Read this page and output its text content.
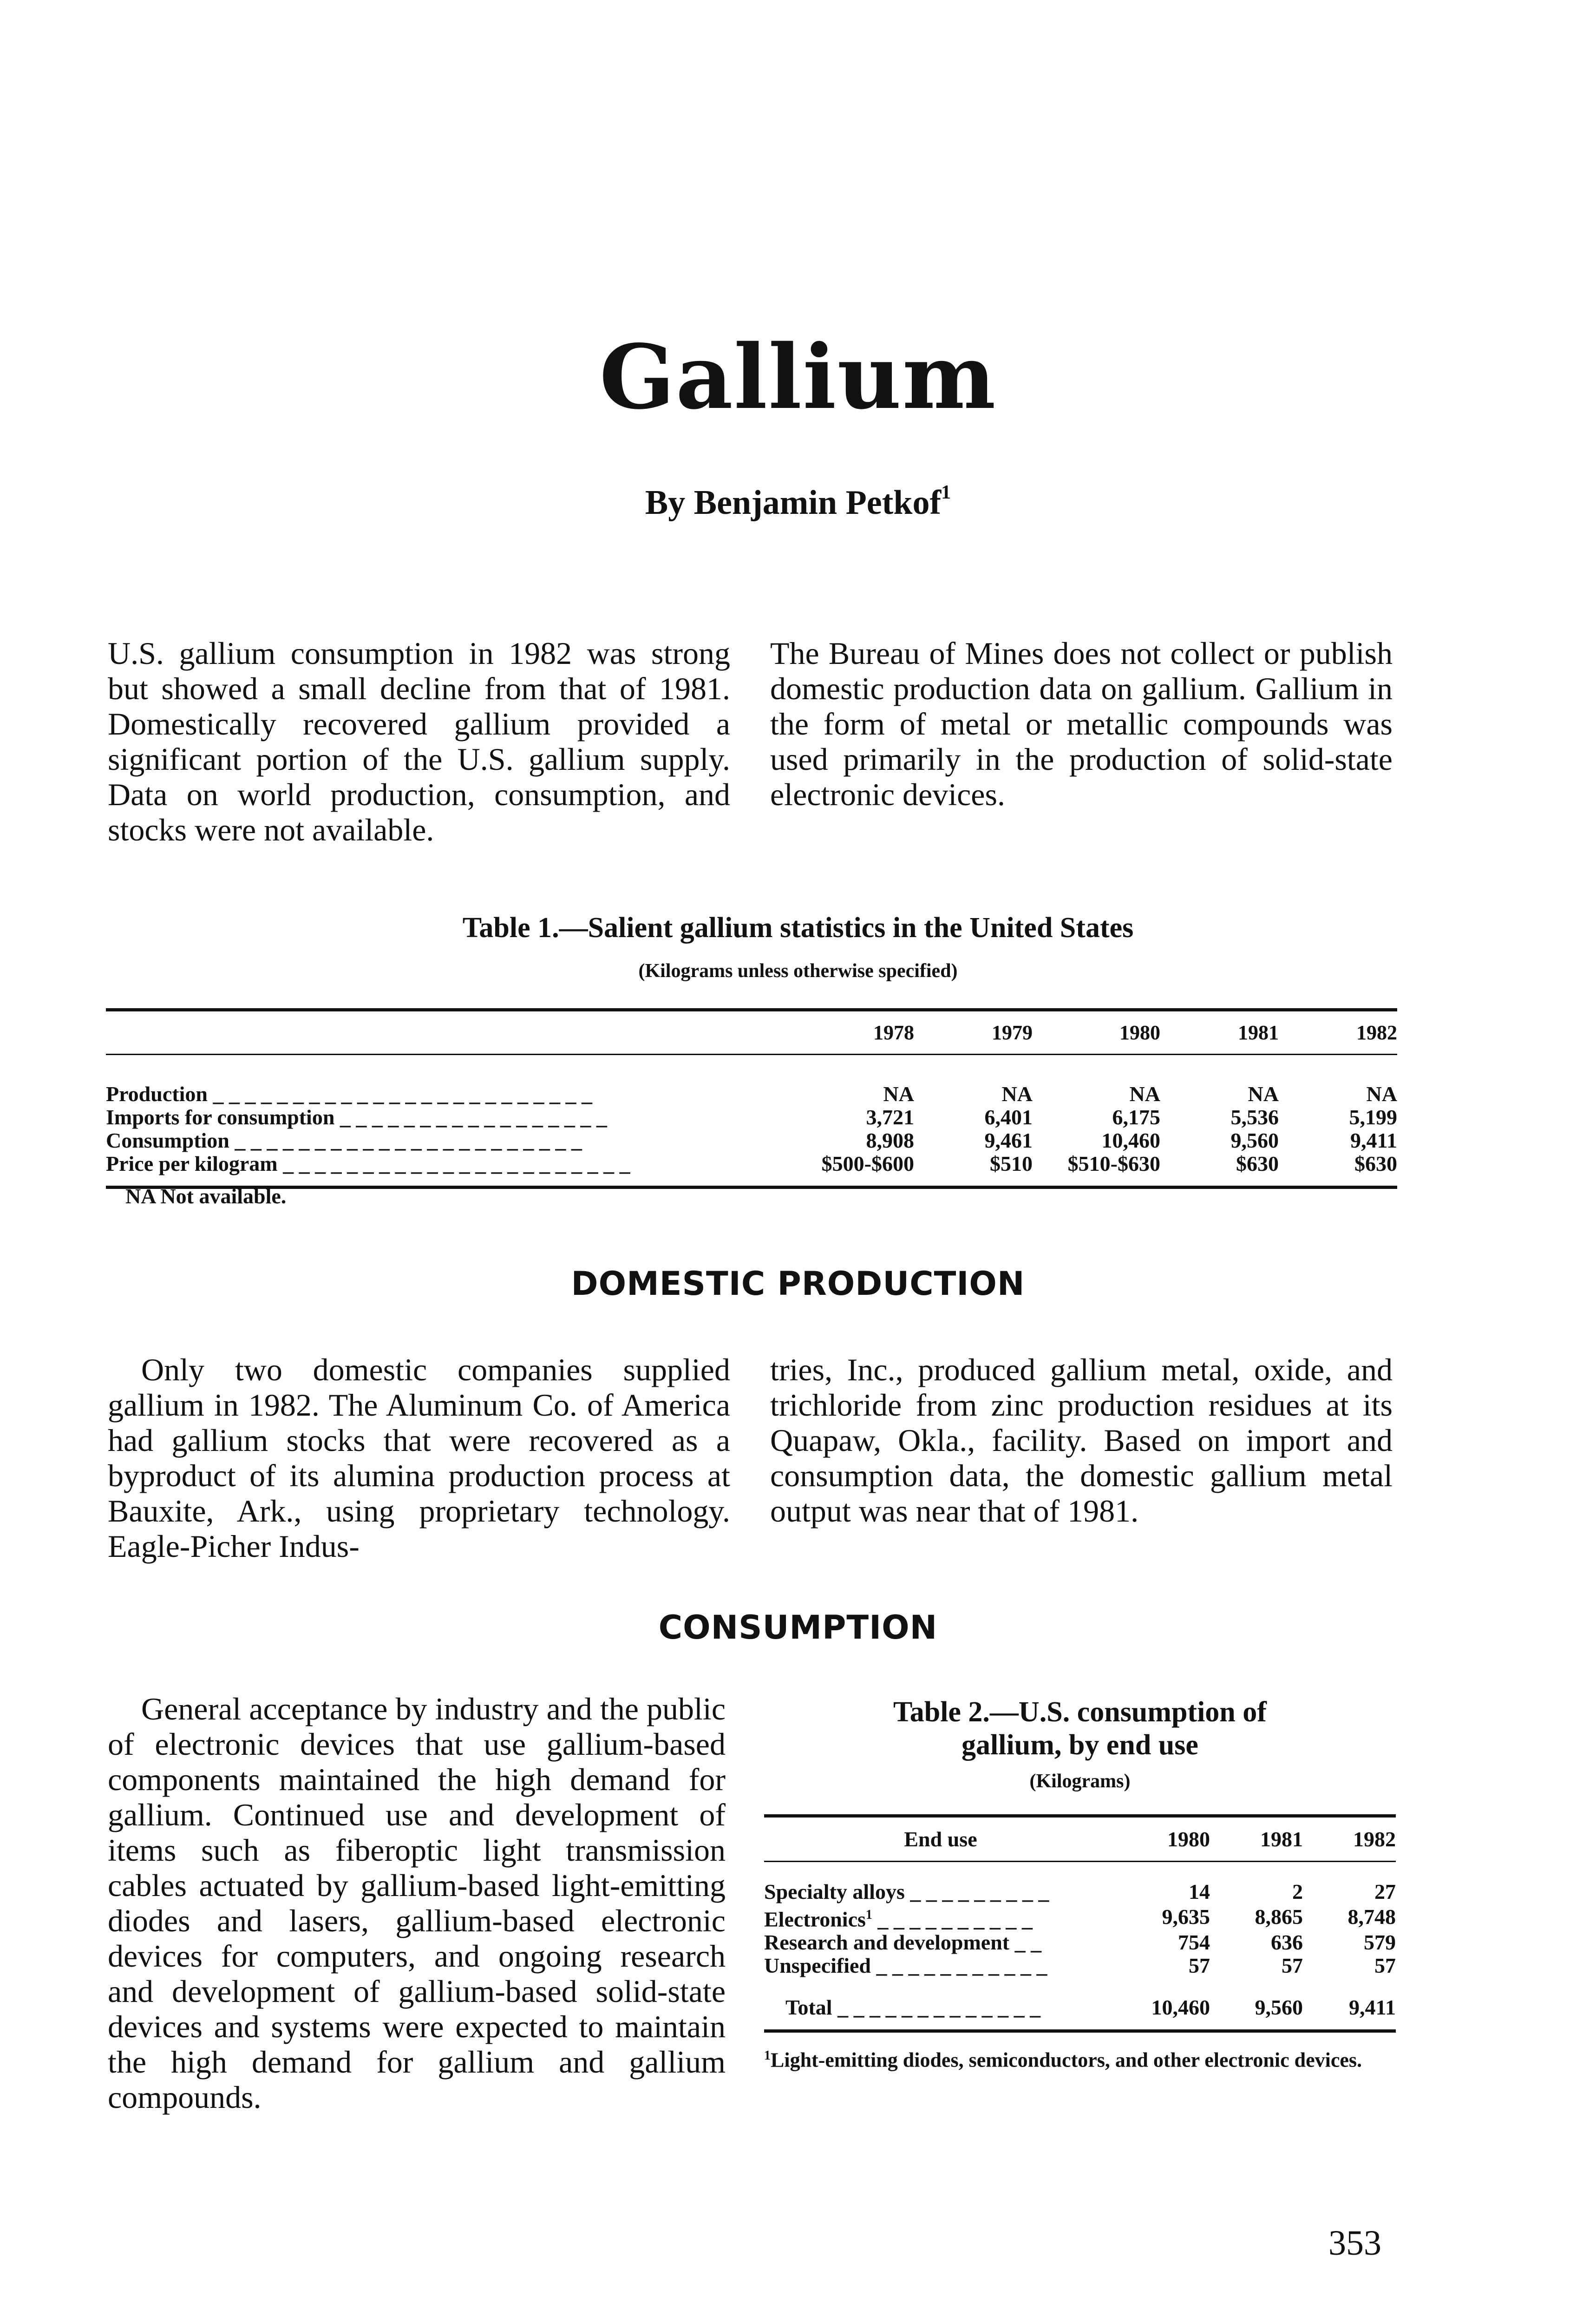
Gallium
By Benjamin Petkof$^1$

U.S. gallium consumption in 1982 was strong but showed a small decline from that of 1981. Domestically recovered gallium provided a significant portion of the U.S. gallium supply. Data on world production, consumption, and stocks were not available.

The Bureau of Mines does not collect or publish domestic production data on gallium. Gallium in the form of metal or metallic compounds was used primarily in the production of solid-state electronic devices.

Table 1.—Salient gallium statistics in the United States
(Kilograms unless otherwise specified)
	1978	1979	1980	1981	1982

Production _ _ _ _ _ _ _ _ _ _ _ _ _ _ _ _ _ _ _ _ _ _ _ _	NA	NA	NA	NA	NA
Imports for consumption _ _ _ _ _ _ _ _ _ _ _ _ _ _ _ _ _	3,721	6,401	6,175	5,536	5,199
Consumption _ _ _ _ _ _ _ _ _ _ _ _ _ _ _ _ _ _ _ _ _ _	8,908	9,461	10,460	9,560	9,411
Price per kilogram _ _ _ _ _ _ _ _ _ _ _ _ _ _ _ _ _ _ _ _ _ _	$500-$600	$510	$510-$630	$630	$630
NA Not available.
DOMESTIC PRODUCTION

Only two domestic companies supplied gallium in 1982. The Aluminum Co. of America had gallium stocks that were recovered as a byproduct of its alumina production process at Bauxite, Ark., using proprietary technology. Eagle-Picher Indus-

tries, Inc., produced gallium metal, oxide, and trichloride from zinc production residues at its Quapaw, Okla., facility. Based on import and consumption data, the domestic gallium metal output was near that of 1981.

CONSUMPTION

General acceptance by industry and the public of electronic devices that use gallium-based components maintained the high demand for gallium. Continued use and development of items such as fiberoptic light transmission cables actuated by gallium-based light-emitting diodes and lasers, gallium-based electronic devices for computers, and ongoing research and development of gallium-based solid-state devices and systems were expected to maintain the high demand for gallium and gallium compounds.

Table 2.—U.S. consumption of
gallium, by end use
(Kilograms)
End use	1980	1981	1982

Specialty alloys _ _ _ _ _ _ _ _ _	14	2	27
Electronics$^1$ _ _ _ _ _ _ _ _ _ _	9,635	8,865	8,748
Research and development _ _	754	636	579
Unspecified _ _ _ _ _ _ _ _ _ _ _	57	57	57

Total _ _ _ _ _ _ _ _ _ _ _ _ _	10,460	9,560	9,411
$^1$Light-emitting diodes, semiconductors, and other electronic devices.
353
